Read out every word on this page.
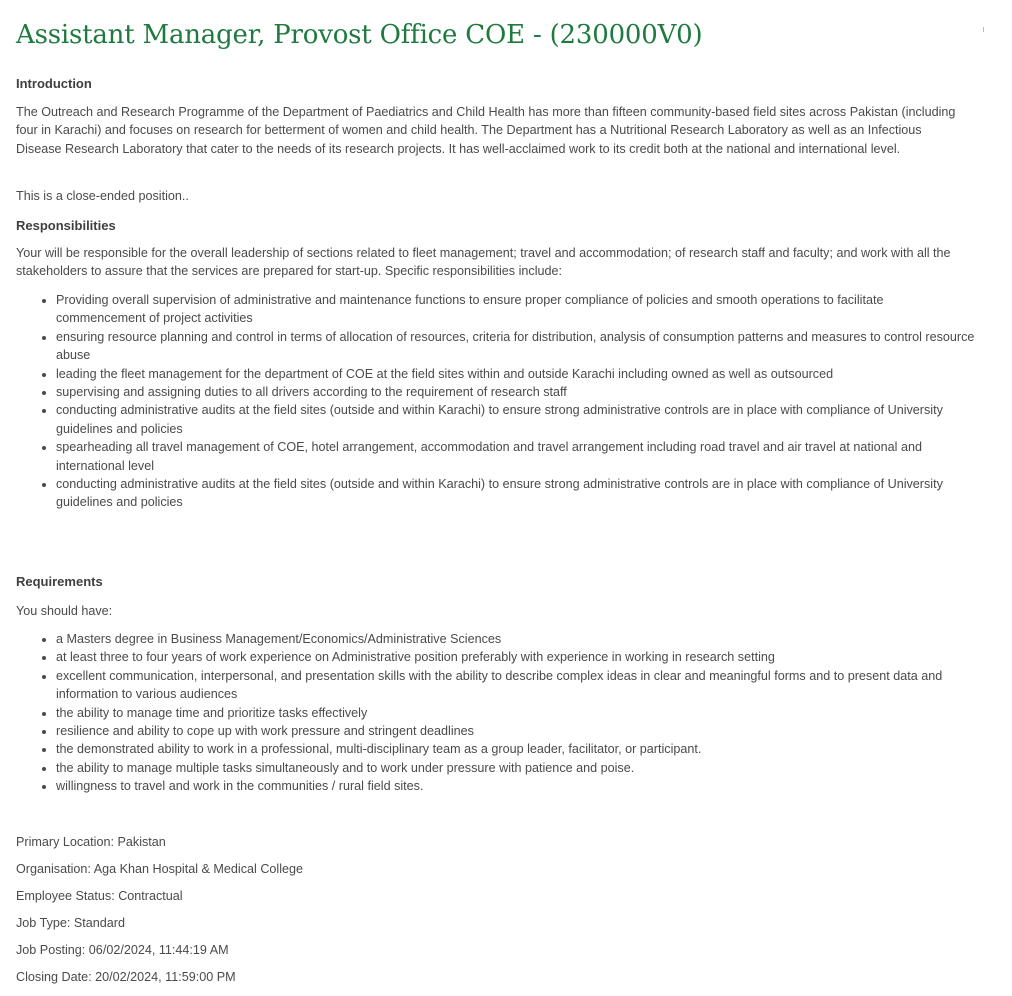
Assistant Manager, Provost Office COE - (230000V0)
Introduction

The Outreach and Research Programme of the Department of Paediatrics and Child Health has more than fifteen community-based field sites across Pakistan (including four in Karachi) and focuses on research for betterment of women and child health. The Department has a Nutritional Research Laboratory as well as an Infectious Disease Research Laboratory that cater to the needs of its research projects. It has well-acclaimed work to its credit both at the national and international level.

This is a close-ended position..

Responsibilities

Your will be responsible for the overall leadership of sections related to fleet management; travel and accommodation; of research staff and faculty; and work with all the stakeholders to assure that the services are prepared for start-up. Specific responsibilities include:

• Providing overall supervision of administrative and maintenance functions to ensure proper compliance of policies and smooth operations to facilitate commencement of project activities
• ensuring resource planning and control in terms of allocation of resources, criteria for distribution, analysis of consumption patterns and measures to control resource abuse
• leading the fleet management for the department of COE at the field sites within and outside Karachi including owned as well as outsourced
• supervising and assigning duties to all drivers according to the requirement of research staff
• conducting administrative audits at the field sites (outside and within Karachi) to ensure strong administrative controls are in place with compliance of University guidelines and policies
• spearheading all travel management of COE, hotel arrangement, accommodation and travel arrangement including road travel and air travel at national and international level
• conducting administrative audits at the field sites (outside and within Karachi) to ensure strong administrative controls are in place with compliance of University guidelines and policies
Requirements

You should have:

• a Masters degree in Business Management/Economics/Administrative Sciences
• at least three to four years of work experience on Administrative position preferably with experience in working in research setting
• excellent communication, interpersonal, and presentation skills with the ability to describe complex ideas in clear and meaningful forms and to present data and information to various audiences
• the ability to manage time and prioritize tasks effectively
• resilience and ability to cope up with work pressure and stringent deadlines
• the demonstrated ability to work in a professional, multi-disciplinary team as a group leader, facilitator, or participant.
• the ability to manage multiple tasks simultaneously and to work under pressure with patience and poise.
• willingness to travel and work in the communities / rural field sites.

Primary Location: Pakistan

Organisation: Aga Khan Hospital & Medical College

Employee Status: Contractual

Job Type: Standard

Job Posting: 06/02/2024, 11:44:19 AM

Closing Date: 20/02/2024, 11:59:00 PM
